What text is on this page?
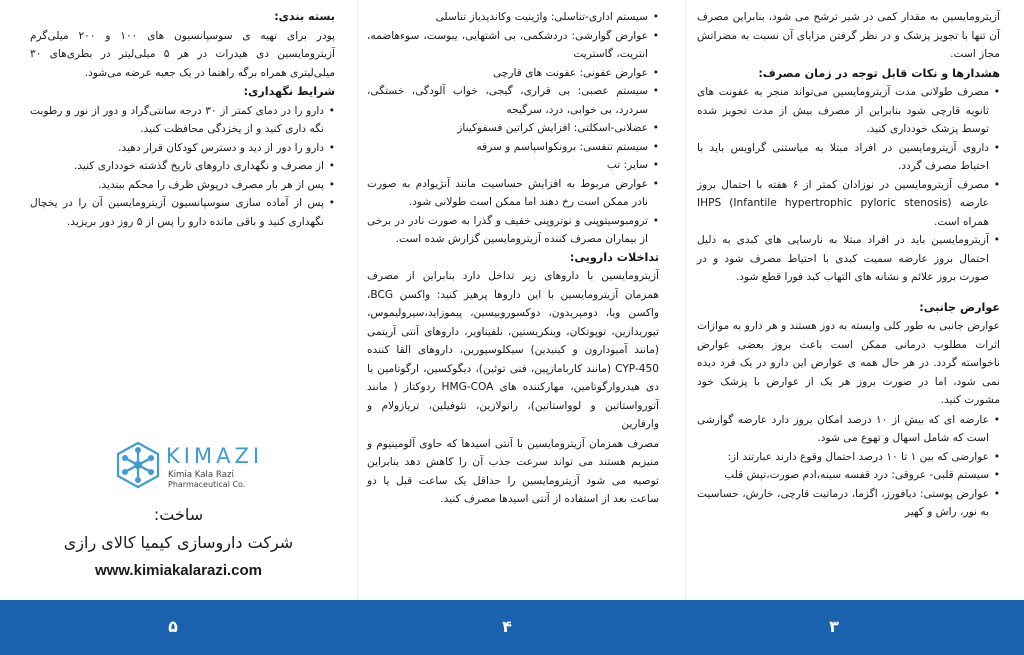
آزیترومایسین به مقدار کمی در شیر ترشح می شود، بنابراین مصرف آن تنها با تجویز پزشک و در نظر گرفتن مزایای آن نسبت به مضراتش مجاز است.

هشدارها و نکات قابل توجه در زمان مصرف:

• مصرف طولانی مدت آزیترومایسین می‌تواند منجر به عفونت های ثانویه قارچی شود بنابراین از مصرف بیش از مدت تجویز شده توسط پزشک خودداری کنید.
• داروی آزیترومایسین در افراد مبتلا به میاستنی گراویس باید با احتیاط مصرف گردد.
• مصرف آزیترومایسین در نوزادان کمتر از ۶ هفته با احتمال بروز عارضه IHPS (Infantile hypertrophic pyloric stenosis) همراه است.
• آزیترومایسین باید در افراد مبتلا به نارسایی های کبدی به دلیل احتمال بروز عارضه سمیت کبدی با احتیاط مصرف شود و در صورت بروز علائم و نشانه های التهاب کبد فورا قطع شود.

عوارض جانبی:

عوارض جانبی به طور کلی وابسته به دوز هستند و هر دارو به موازات اثرات مطلوب درمانی ممکن است باعث بروز بعضی عوارض ناخواسته گردد. در هر حال همه ی عوارض این دارو در یک فرد دیده نمی شود، اما در صورت بروز هر یک از عوارض با پزشک خود مشورت کنید.

• عارضه ای که بیش از ۱۰ درصد امکان بروز دارد عارضه گوارشی است که شامل اسهال و تهوع می شود.
• عوارضی که بین ۱ تا ۱۰ درصد احتمال وقوع دارند عبارتند از:
• سیستم قلبی- عروقی: درد قفسه سینه،ادم صورت،تپش قلب
• عوارض پوستی: دیافورز، اگزما، درماتیت قارچی، خارش، حساسیت به نور، راش و کهیر
• سیستم اداری-تناسلی: واژینیت وکاندیدیاز تناسلی
• عوارض گوارشی: دردشکمی، بی اشتهایی، یبوست، سوءهاضمه، انتریت، گاستریت
• عوارض عفونی: عفونت های قارچی
• سیستم عصبی: بی قراری، گیجی، خواب آلودگی، خستگی، سردرد، بی خوابی، درد، سرگیجه
• عضلانی-اسکلتی: افزایش کراتین فسفوکیناز
• سیستم تنفسی: برونکواسپاسم و سرفه
• سایر: تب
• عوارض مربوط به افزایش حساسیت مانند آنژیوادم به صورت نادر ممکن است رخ دهند اما ممکن است طولانی شود.
• ترومبوسیتوپنی و نوتروپنی خفیف و گذرا به صورت نادر در برخی از بیماران مصرف کننده آزیترومایسین گزارش شده است.

تداخلات دارویی:

آزیترومایسین با داروهای زیر تداخل دارد بنابراین از مصرف همزمان آزیترومایسین با این داروها پرهیز کنید: واکسن BCG، واکسن وبا، دومپریدون، دوکسوروبیسین، پیموزاید،سیرولیموس، تیوریدازین، توپوتکان، وینکریستین، نلفیناویر، داروهای آنتی آریتمی (مانند آمیودارون و کینیدین) سیکلوسپورین، داروهای القا کننده CYP-450 (مانند کاربامازپین، فنی توئین)، دیگوکسین، ارگوتامین یا دی هیدروارگوتامین، مهارکننده های HMG-COA ردوکتاز ( مانند آتورواستاتین و لوواستاتین)، رانولازین، تئوفیلین، تریازولام و وارفارین

مصرف همزمان آزیترومایسین با آنتی اسیدها که حاوی آلومینیوم و منیزیم هستند می تواند سرعت جذب آن را کاهش دهد بنابراین توصیه می شود آزیترومایسین را حداقل یک ساعت قبل یا دو ساعت بعد از استفاده از آنتی اسیدها مصرف کنید.

بسته بندی:

پودر برای تهیه ی سوسپانسیون های ۱۰۰ و ۲۰۰ میلی‌گرم آزیترومایسین دی هیدرات در هر ۵ میلی‌لیتر در بطری‌های ۳۰ میلی‌لیتری همراه برگه راهنما در یک جعبه عرضه می‌شود.

شرایط نگهداری:

• دارو را در دمای کمتر از ۳۰ درجه سانتی‌گراد و دور از نور و رطوبت نگه داری کنید و از یخزدگی محافظت کنید.
• دارو را دور از دید و دسترس کودکان قرار دهید.
• از مصرف و نگهداری داروهای تاریخ گذشته خودداری کنید.
• پس از هر بار مصرف درپوش ظرف را محکم ببندید.
• پس از آماده سازی سوسپانسیون آزیترومایسین آن را در یخچال نگهداری کنید و باقی مانده دارو را پس از ۵ روز دور بریزید.
KIMAZI
Kimia Kala Razi
Pharmaceutical Co.
ساخت:
شرکت داروسازی کیمیا کالای رازی
www.kimiakalarazi.com
۵	۴	۳
